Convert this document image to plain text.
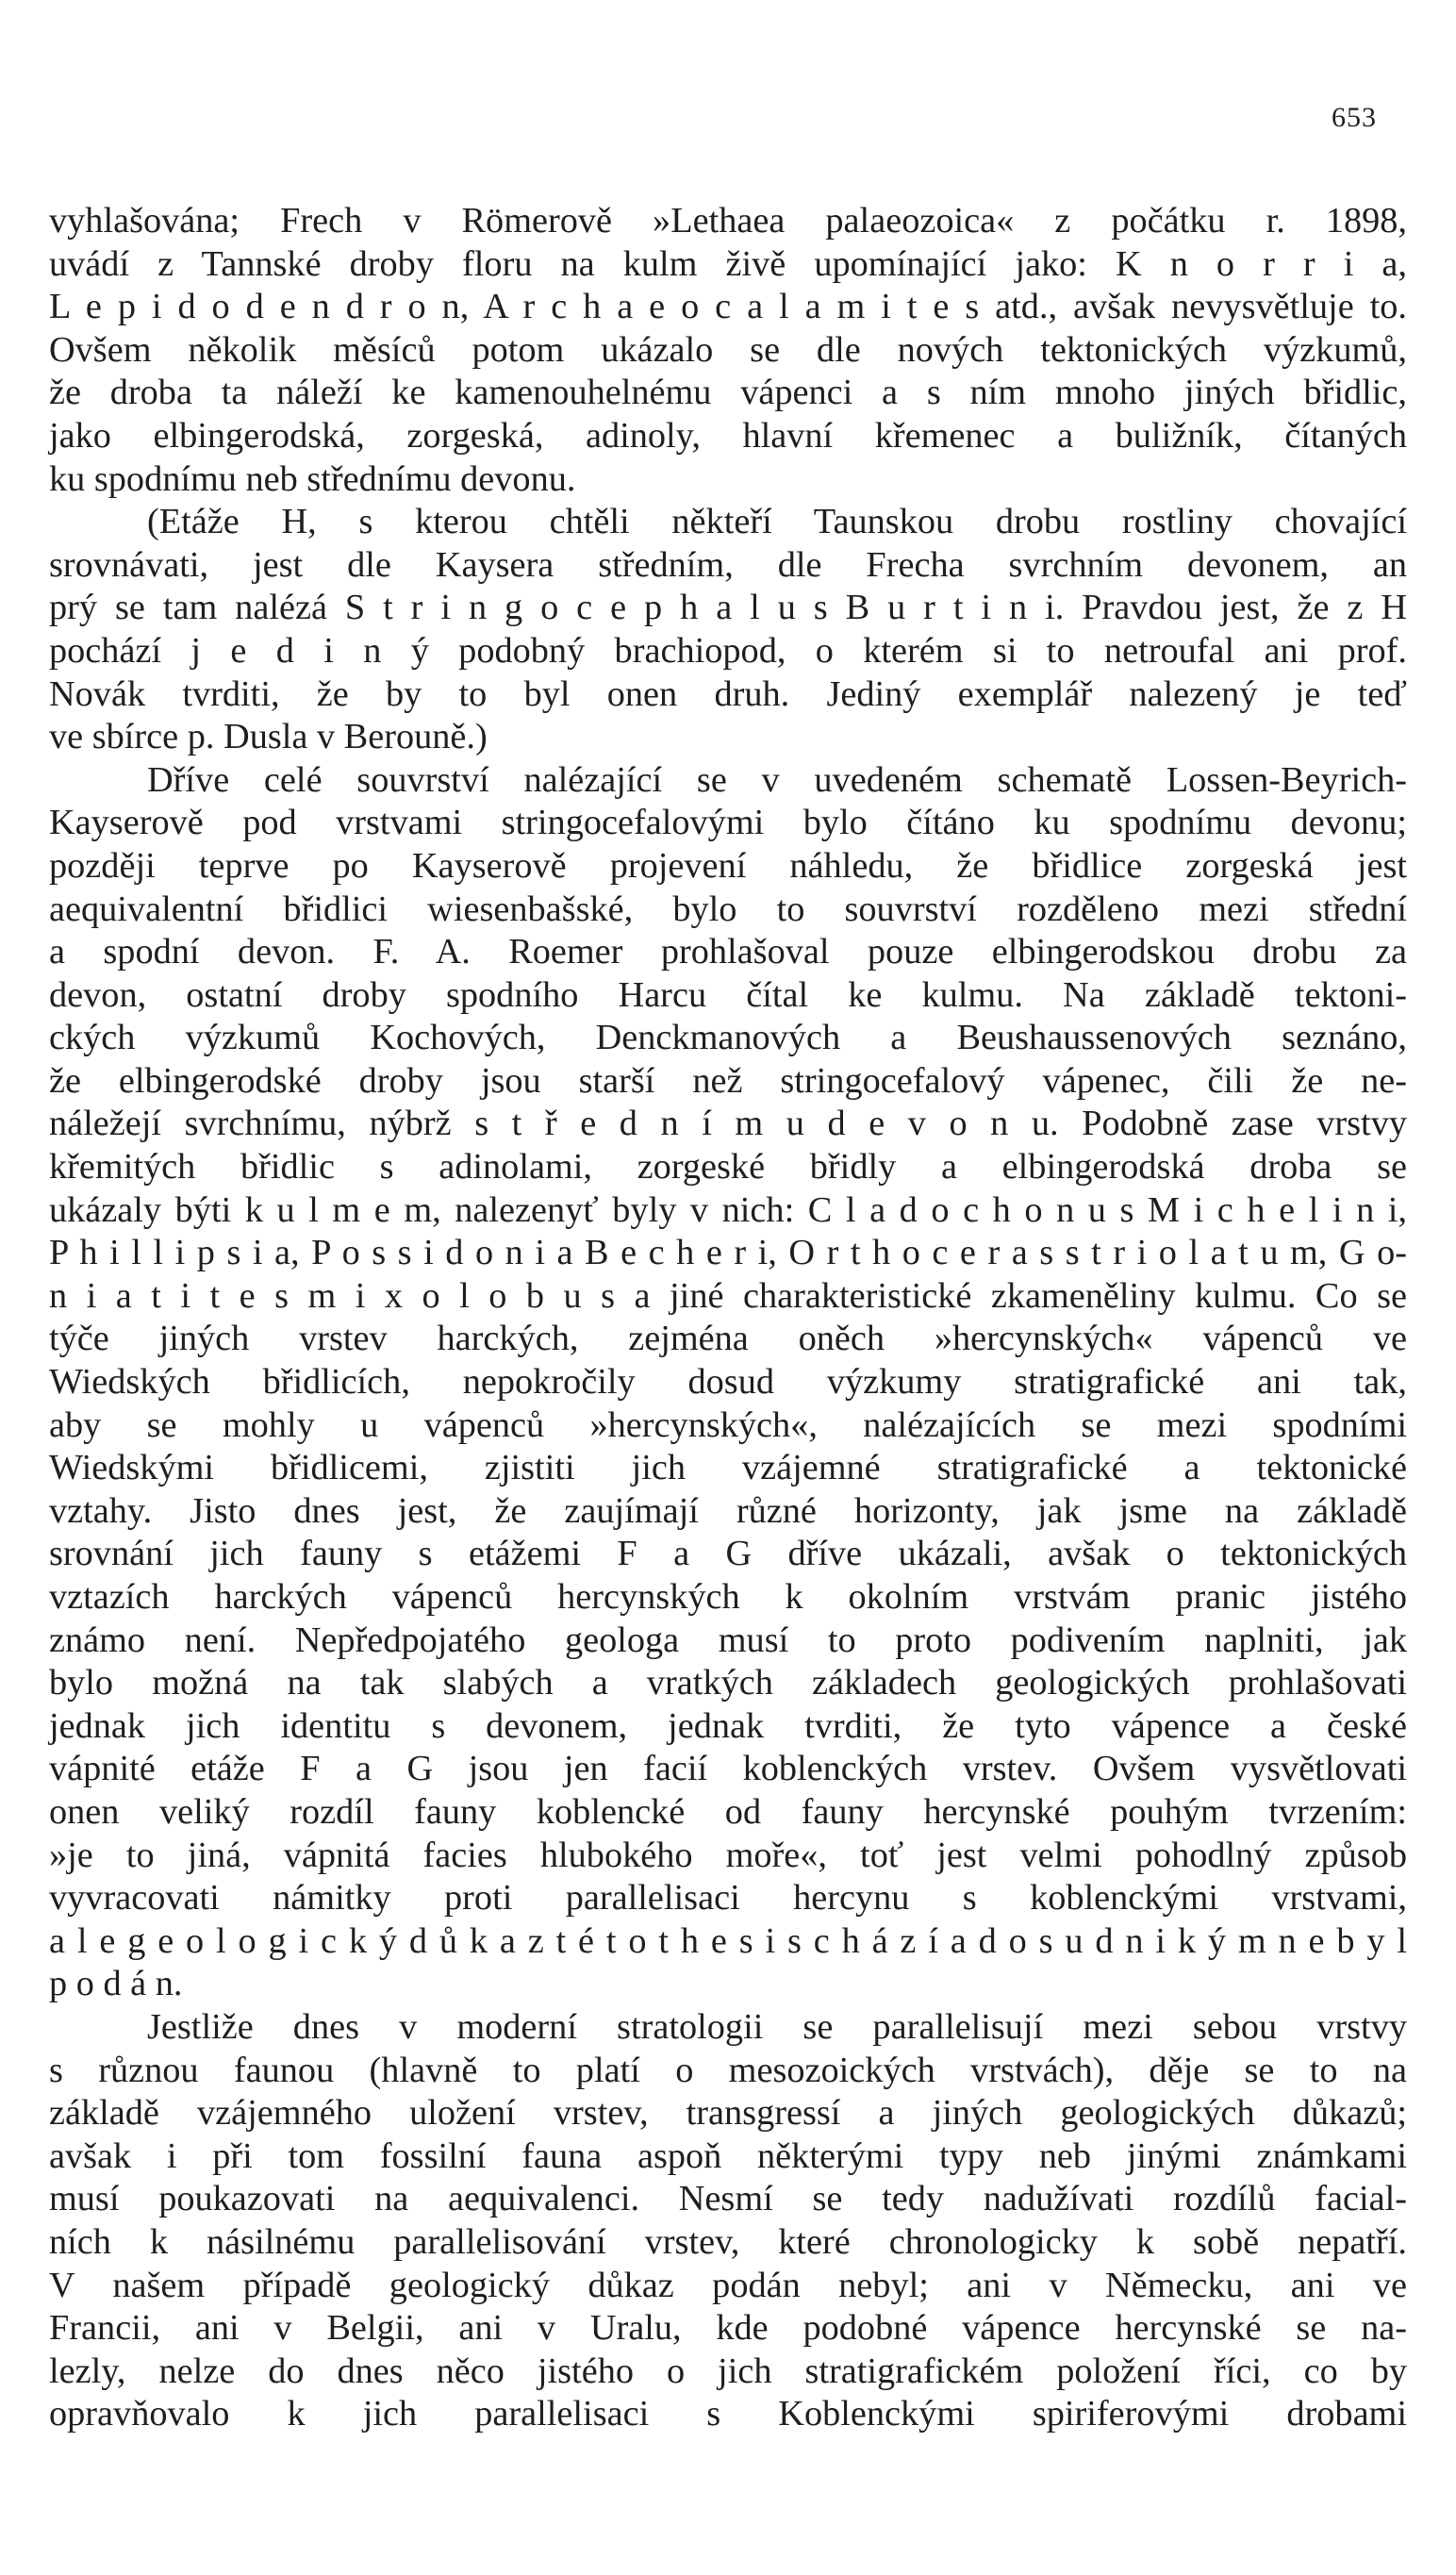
653
vyhlašována; Frech v Römerově »Lethaea palaeozoica« z počátku r. 1898,
uvádí z Tannské droby floru na kulm živě upomínající jako: K n o r r i a,
L e p i d o d e n d r o n, A r c h a e o c a l a m i t e s atd., avšak nevysvětluje to.
Ovšem několik měsíců potom ukázalo se dle nových tektonických výzkumů,
že droba ta náleží ke kamenouhelnému vápenci a s ním mnoho jiných břidlic,
jako elbingerodská, zorgeská, adinoly, hlavní křemenec a buližník, čítaných
ku spodnímu neb střednímu devonu.
(Etáže H, s kterou chtěli někteří Taunskou drobu rostliny chovající
srovnávati, jest dle Kaysera středním, dle Frecha svrchním devonem, an
prý se tam nalézá S t r i n g o c e p h a l u s B u r t i n i. Pravdou jest, že z H
pochází j e d i n ý podobný brachiopod, o kterém si to netroufal ani prof.
Novák tvrditi, že by to byl onen druh. Jediný exemplář nalezený je teď
ve sbírce p. Dusla v Berouně.)
Dříve celé souvrství nalézající se v uvedeném schematě Lossen-Beyrich-
Kayserově pod vrstvami stringocefalovými bylo čítáno ku spodnímu devonu;
později teprve po Kayserově projevení náhledu, že břidlice zorgeská jest
aequivalentní břidlici wiesenbašské, bylo to souvrství rozděleno mezi střední
a spodní devon. F. A. Roemer prohlašoval pouze elbingerodskou drobu za
devon, ostatní droby spodního Harcu čítal ke kulmu. Na základě tektoni-
ckých výzkumů Kochových, Denckmanových a Beushaussenových seznáno,
že elbingerodské droby jsou starší než stringocefalový vápenec, čili že ne-
náležejí svrchnímu, nýbrž s t ř e d n í m u d e v o n u. Podobně zase vrstvy
křemitých břidlic s adinolami, zorgeské břidly a elbingerodská droba se
ukázaly býti k u l m e m, nalezenyť byly v nich: C l a d o c h o n u s M i c h e l i n i,
P h i l l i p s i a, P o s s i d o n i a B e c h e r i, O r t h o c e r a s s t r i o l a t u m, G o-
n i a t i t e s m i x o l o b u s a jiné charakteristické zkameněliny kulmu. Co se
týče jiných vrstev harckých, zejména oněch »hercynských« vápenců ve
Wiedských břidlicích, nepokročily dosud výzkumy stratigrafické ani tak,
aby se mohly u vápenců »hercynských«, nalézajících se mezi spodními
Wiedskými břidlicemi, zjistiti jich vzájemné stratigrafické a tektonické
vztahy. Jisto dnes jest, že zaujímají různé horizonty, jak jsme na základě
srovnání jich fauny s etážemi F a G dříve ukázali, avšak o tektonických
vztazích harckých vápenců hercynských k okolním vrstvám pranic jistého
známo není. Nepředpojatého geologa musí to proto podivením naplniti, jak
bylo možná na tak slabých a vratkých základech geologických prohlašovati
jednak jich identitu s devonem, jednak tvrditi, že tyto vápence a české
vápnité etáže F a G jsou jen facií koblenckých vrstev. Ovšem vysvětlovati
onen veliký rozdíl fauny koblencké od fauny hercynské pouhým tvrzením:
»je to jiná, vápnitá facies hlubokého moře«, toť jest velmi pohodlný způsob
vyvracovati námitky proti parallelisaci hercynu s koblenckými vrstvami,
a l e g e o l o g i c k ý d ů k a z t é t o t h e s i s c h á z í a d o s u d n i k ý m n e b y l
p o d á n.
Jestliže dnes v moderní stratologii se parallelisují mezi sebou vrstvy
s různou faunou (hlavně to platí o mesozoických vrstvách), děje se to na
základě vzájemného uložení vrstev, transgressí a jiných geologických důkazů;
avšak i při tom fossilní fauna aspoň některými typy neb jinými známkami
musí poukazovati na aequivalenci. Nesmí se tedy nadužívati rozdílů facial-
ních k násilnému parallelisování vrstev, které chronologicky k sobě nepatří.
V našem případě geologický důkaz podán nebyl; ani v Německu, ani ve
Francii, ani v Belgii, ani v Uralu, kde podobné vápence hercynské se na-
lezly, nelze do dnes něco jistého o jich stratigrafickém položení říci, co by
opravňovalo k jich parallelisaci s Koblenckými spiriferovými drobami
